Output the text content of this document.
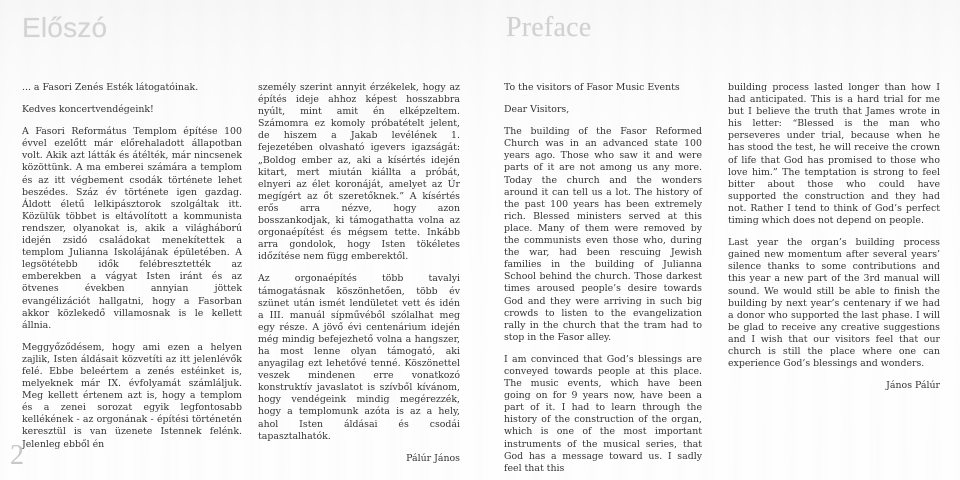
Előszó

... a Fasori Zenés Esték látogatóinak.

Kedves koncertvendégeink!

A Fasori Református Templom építése 100 évvel ezelőtt már előrehaladott állapotban volt. Akik azt látták és átélték, már nincsenek közöttünk. A ma emberei számára a templom és az itt végbement csodák története lehet beszédes. Száz év története igen gazdag. Áldott életű lelkipásztorok szolgáltak itt. Közülük többet is eltávolított a kommunista rendszer, olyanokat is, akik a világháború idején zsidó családokat menekítettek a templom Julianna Iskolájának épületében. A legsötétebb idők felébresztették az emberekben a vágyat Isten iránt és az ötvenes években annyian jöttek evangélizációt hallgatni, hogy a Fasorban akkor közlekedő villamosnak is le kellett állnia.

Meggyőződésem, hogy ami ezen a helyen zajlik, Isten áldásait közvetíti az itt jelenlévők felé. Ebbe beleértem a zenés estéinket is, melyeknek már IX. évfolyamát számláljuk. Meg kellett értenem azt is, hogy a templom és a zenei sorozat egyik legfontosabb kellékének - az orgonának - építési történetén keresztül is van üzenete Istennek felénk. Jelenleg ebből én

személy szerint annyit érzékelek, hogy az építés ideje ahhoz képest hosszabbra nyúlt, mint amit én elképzeltem. Számomra ez komoly próbatételt jelent, de hiszem a Jakab levélének 1. fejezetében olvasható igevers igazságát: „Boldog ember az, aki a kísértés idején kitart, mert miután kiállta a próbát, elnyeri az élet koronáját, amelyet az Úr megígért az őt szeretőknek.” A kísértés erős arra nézve, hogy azon bosszankodjak, ki támogathatta volna az orgonaépítést és mégsem tette. Inkább arra gondolok, hogy Isten tökéletes időzítése nem függ emberektől.

Az orgonaépítés több tavalyi támogatásnak köszönhetően, több év szünet után ismét lendületet vett és idén a III. manuál sípművéből szólalhat meg egy része. A jövő évi centenárium idején még mindig befejezhető volna a hangszer, ha most lenne olyan támogató, aki anyagilag ezt lehetővé tenné. Köszönettel veszek mindenen erre vonatkozó konstruktív javaslatot is szívből kívánom, hogy vendégeink mindig megérezzék, hogy a templomunk azóta is az a hely, ahol Isten áldásai és csodái tapasztalhatók.

Pálúr János
2
Preface

To the visitors of Fasor Music Events

Dear Visitors,

The building of the Fasor Reformed Church was in an advanced state 100 years ago. Those who saw it and were parts of it are not among us any more. Today the church and the wonders around it can tell us a lot. The history of the past 100 years has been extremely rich. Blessed ministers served at this place. Many of them were removed by the communists even those who, during the war, had been rescuing Jewish families in the building of Julianna School behind the church. Those darkest times aroused people’s desire towards God and they were arriving in such big crowds to listen to the evangelization rally in the church that the tram had to stop in the Fasor alley.

I am convinced that God’s blessings are conveyed towards people at this place. The music events, which have been going on for 9 years now, have been a part of it. I had to learn through the history of the construction of the organ, which is one of the most important instruments of the musical series, that God has a message toward us. I sadly feel that this

building process lasted longer than how I had anticipated. This is a hard trial for me but I believe the truth that James wrote in his letter: “Blessed is the man who perseveres under trial, because when he has stood the test, he will receive the crown of life that God has promised to those who love him.” The temptation is strong to feel bitter about those who could have supported the construction and they had not. Rather I tend to think of God’s perfect timing which does not depend on people.

Last year the organ’s building process gained new momentum after several years’ silence thanks to some contributions and this year a new part of the 3rd manual will sound. We would still be able to finish the building by next year’s centenary if we had a donor who supported the last phase. I will be glad to receive any creative suggestions and I wish that our visitors feel that our church is still the place where one can experience God’s blessings and wonders.

János Pálúr
